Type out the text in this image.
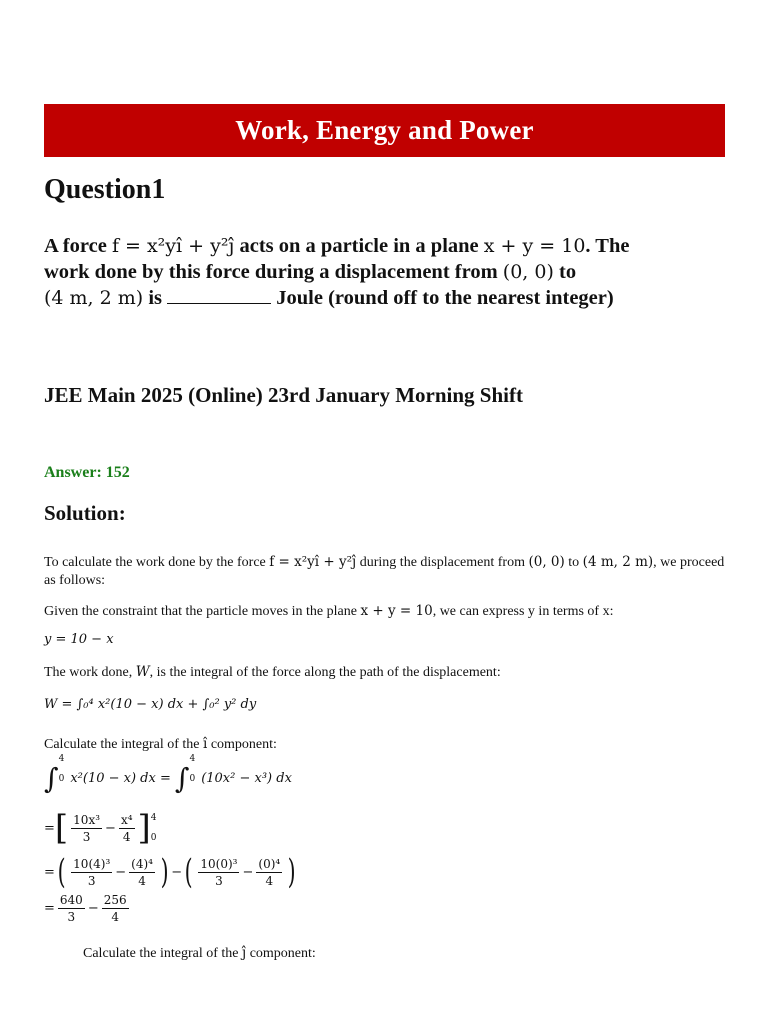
Work, Energy and Power
Question1

A force f = x²yî + y²ĵ acts on a particle in a plane x + y = 10. The
work done by this force during a displacement from (0, 0) to
(4 m, 2 m) is	Joule (round off to the nearest integer)

JEE Main 2025 (Online) 23rd January Morning Shift

Answer: 152

Solution:

To calculate the work done by the force f = x²yî + y²ĵ during the displacement from (0, 0) to (4 m, 2 m), we proceed as follows:

Given the constraint that the particle moves in the plane x + y = 10, we can express y in terms of x:

y = 10 − x

The work done, W, is the integral of the force along the path of the displacement:

W = ∫₀⁴ x²(10 − x) dx + ∫₀² y² dy

Calculate the integral of the î component:

∫
4

0 x²(10 − x) dx = ∫
4

0 (10x² − x³) dx
= [ $\frac{\text{10x³}}{3} - \frac{\text{x⁴}}{4}$ ] 4

0
= ( $\frac{\text{10(4)³}}{3} - \frac{\text{(4)⁴}}{4}$ ) − ( $\frac{\text{10(0)³}}{3} - \frac{\text{(0)⁴}}{4}$ )
= $\frac{640}{3} - \frac{256}{4}$

Calculate the integral of the ĵ component:
